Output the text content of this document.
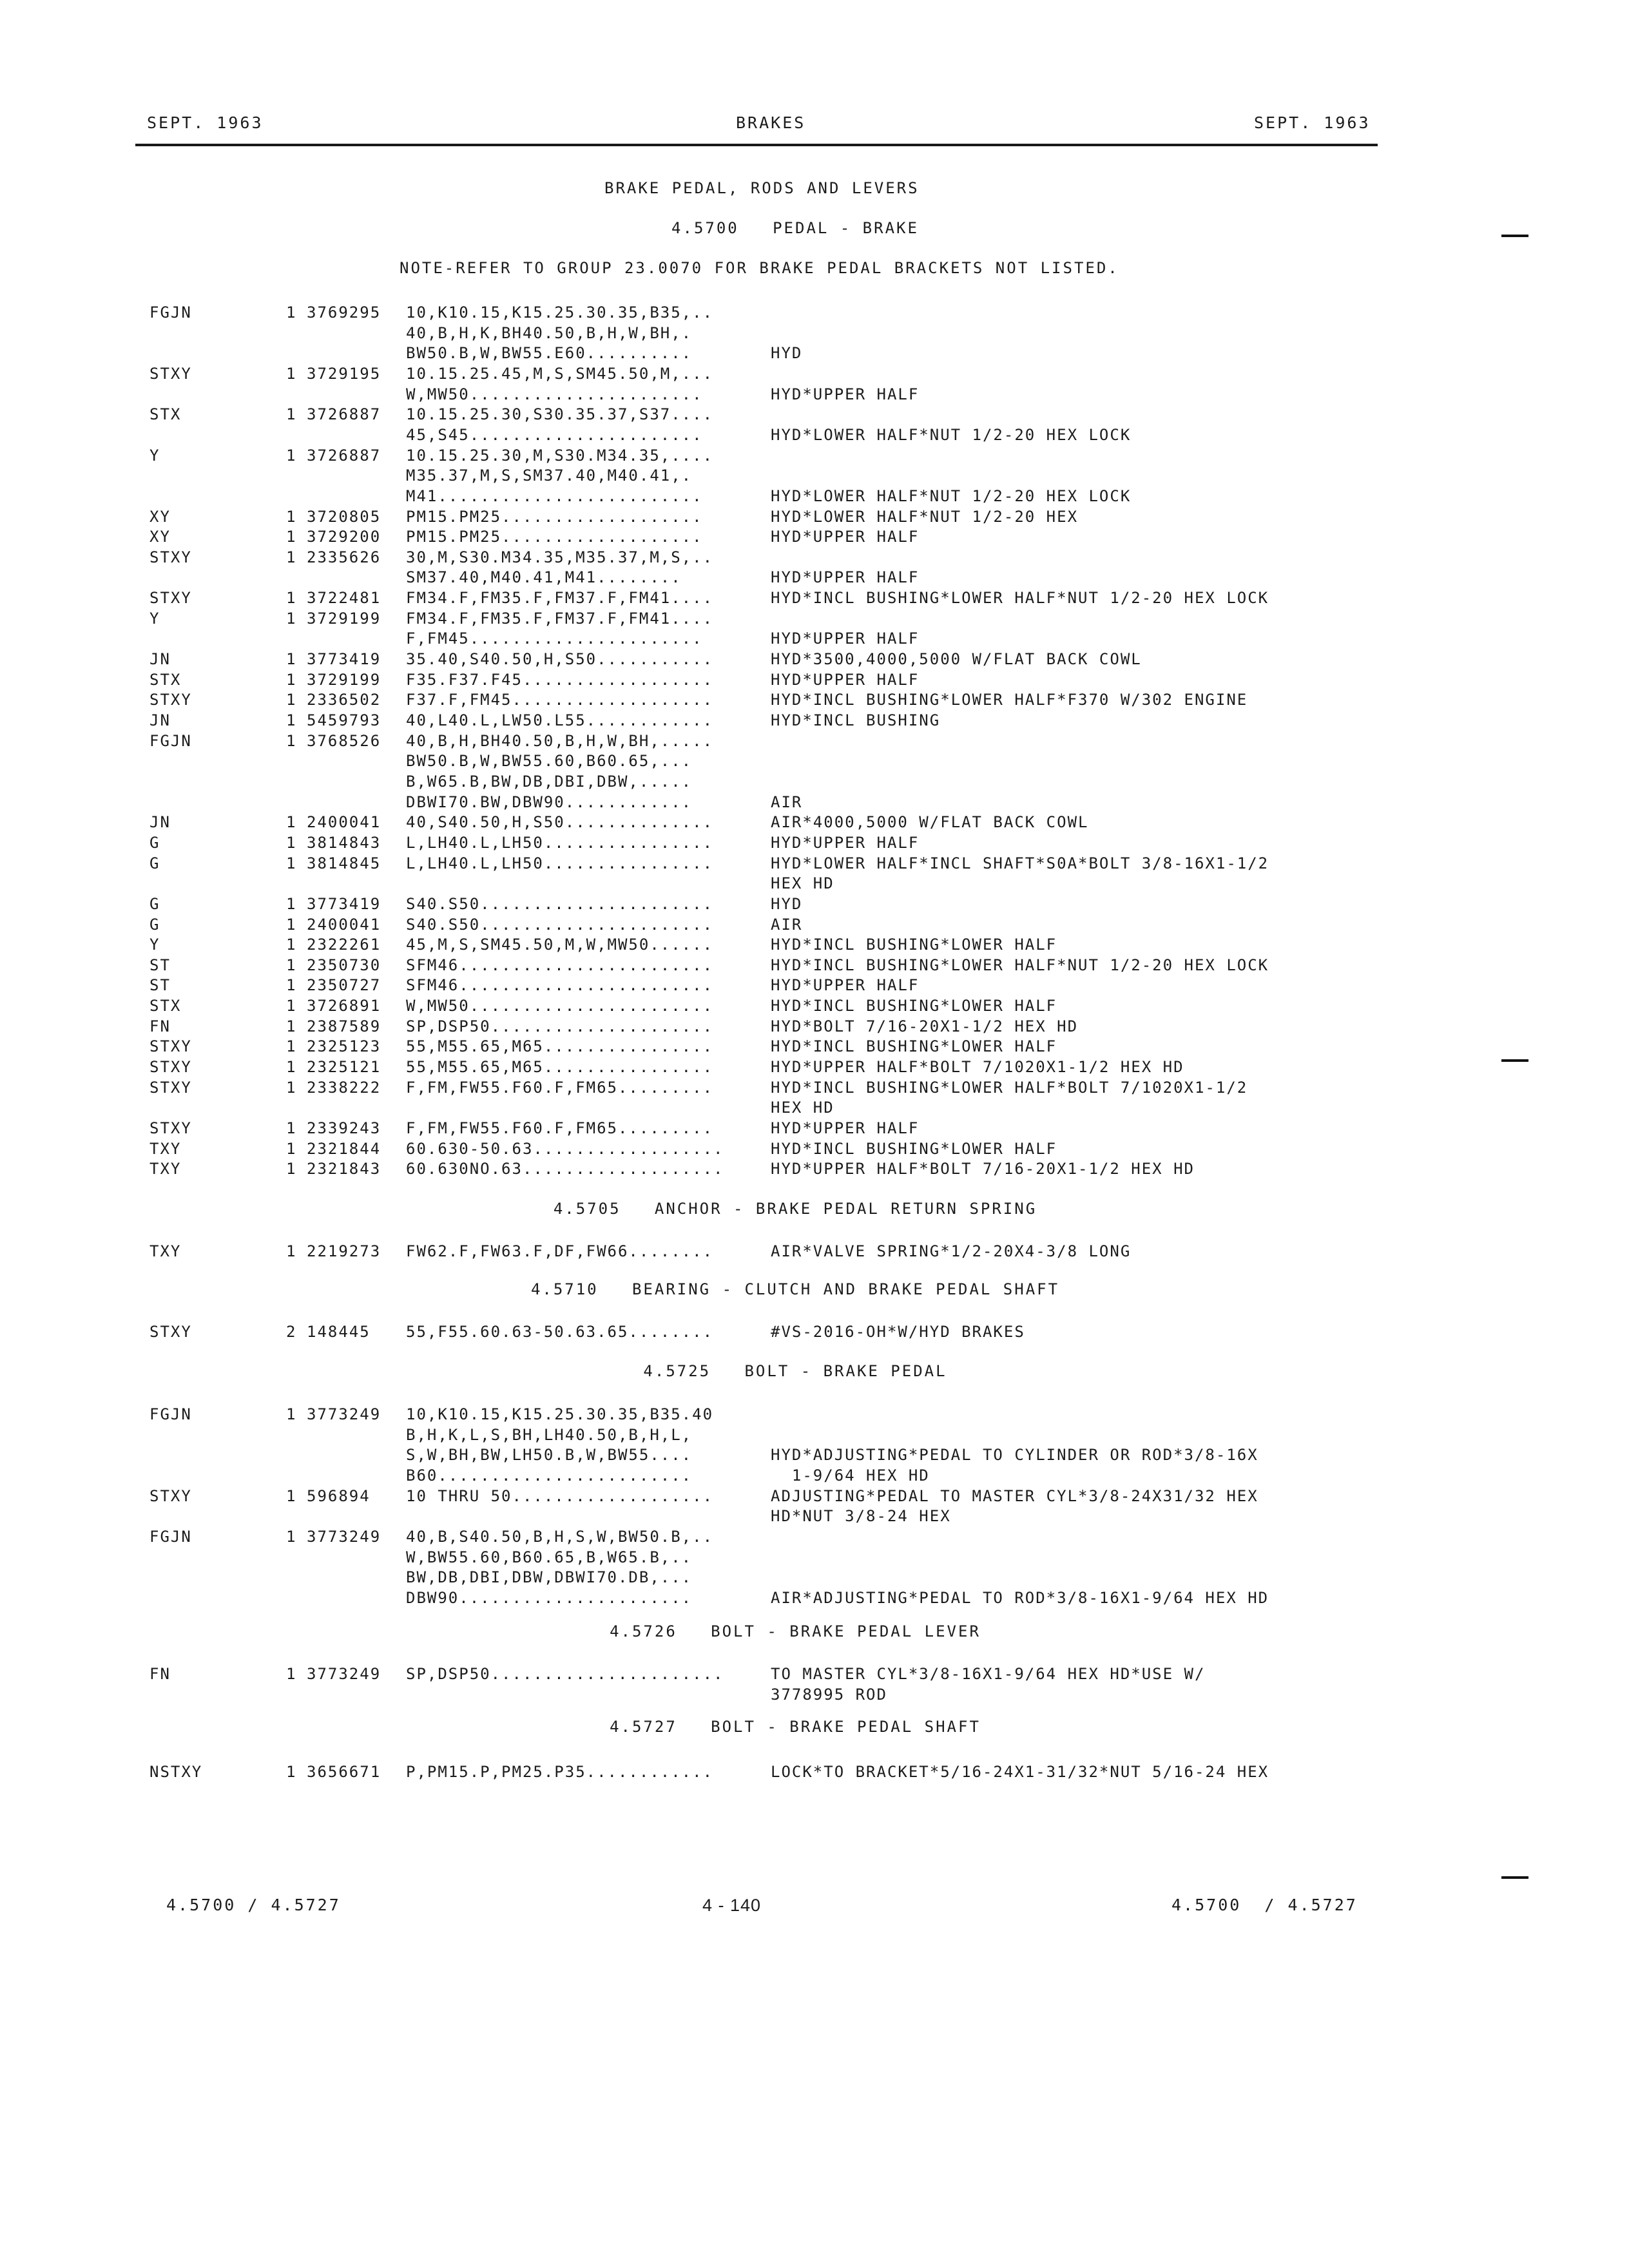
SEPT. 1963	BRAKES	SEPT. 1963
BRAKE PEDAL, RODS AND LEVERS
NOTE-REFER TO GROUP 23.0070 FOR BRAKE PEDAL BRACKETS NOT LISTED.
4.5700   PEDAL - BRAKE
FGJN	1 3769295 10,K10.15,K15.25.30.35,B35,..
40,B,H,K,BH40.50,B,H,W,BH,.
BW50.B,W,BW55.E60..........	HYD
STXY	1 3729195 10.15.25.45,M,S,SM45.50,M,...
W,MW50......................	HYD*UPPER HALF
STX	1 3726887 10.15.25.30,S30.35.37,S37....
45,S45......................	HYD*LOWER HALF*NUT 1/2-20 HEX LOCK
Y	1 3726887 10.15.25.30,M,S30.M34.35,....
M35.37,M,S,SM37.40,M40.41,.
M41.........................	HYD*LOWER HALF*NUT 1/2-20 HEX LOCK
XY	1 3720805 PM15.PM25...................	HYD*LOWER HALF*NUT 1/2-20 HEX
XY	1 3729200 PM15.PM25...................	HYD*UPPER HALF
STXY	1 2335626 30,M,S30.M34.35,M35.37,M,S,..
SM37.40,M40.41,M41........	HYD*UPPER HALF
STXY	1 3722481 FM34.F,FM35.F,FM37.F,FM41....	HYD*INCL BUSHING*LOWER HALF*NUT 1/2-20 HEX LOCK
Y	1 3729199 FM34.F,FM35.F,FM37.F,FM41....
F,FM45......................	HYD*UPPER HALF
JN	1 3773419 35.40,S40.50,H,S50...........	HYD*3500,4000,5000 W/FLAT BACK COWL
STX	1 3729199 F35.F37.F45..................	HYD*UPPER HALF
STXY	1 2336502 F37.F,FM45...................	HYD*INCL BUSHING*LOWER HALF*F370 W/302 ENGINE
JN	1 5459793 40,L40.L,LW50.L55............	HYD*INCL BUSHING
FGJN	1 3768526 40,B,H,BH40.50,B,H,W,BH,.....
BW50.B,W,BW55.60,B60.65,...
B,W65.B,BW,DB,DBI,DBW,.....
DBWI70.BW,DBW90............	AIR
JN	1 2400041 40,S40.50,H,S50..............	AIR*4000,5000 W/FLAT BACK COWL
G	1 3814843 L,LH40.L,LH50................	HYD*UPPER HALF
G	1 3814845 L,LH40.L,LH50................	HYD*LOWER HALF*INCL SHAFT*S0A*BOLT 3/8-16X1-1/2
HEX HD
G	1 3773419 S40.S50......................	HYD
G	1 2400041 S40.S50......................	AIR
Y	1 2322261 45,M,S,SM45.50,M,W,MW50......	HYD*INCL BUSHING*LOWER HALF
ST	1 2350730 SFM46........................	HYD*INCL BUSHING*LOWER HALF*NUT 1/2-20 HEX LOCK
ST	1 2350727 SFM46........................	HYD*UPPER HALF
STX	1 3726891 W,MW50.......................	HYD*INCL BUSHING*LOWER HALF
FN	1 2387589 SP,DSP50.....................	HYD*BOLT 7/16-20X1-1/2 HEX HD
STXY	1 2325123 55,M55.65,M65................	HYD*INCL BUSHING*LOWER HALF
STXY	1 2325121 55,M55.65,M65................	HYD*UPPER HALF*BOLT 7/1020X1-1/2 HEX HD
STXY	1 2338222 F,FM,FW55.F60.F,FM65.........	HYD*INCL BUSHING*LOWER HALF*BOLT 7/1020X1-1/2
HEX HD
STXY	1 2339243 F,FM,FW55.F60.F,FM65.........	HYD*UPPER HALF
TXY	1 2321844 60.630-50.63..................	HYD*INCL BUSHING*LOWER HALF
TXY	1 2321843 60.630NO.63...................	HYD*UPPER HALF*BOLT 7/16-20X1-1/2 HEX HD
4.5705   ANCHOR - BRAKE PEDAL RETURN SPRING
TXY	1 2219273 FW62.F,FW63.F,DF,FW66........	AIR*VALVE SPRING*1/2-20X4-3/8 LONG
4.5710   BEARING - CLUTCH AND BRAKE PEDAL SHAFT
STXY	2 148445 55,F55.60.63-50.63.65........	#VS-2016-OH*W/HYD BRAKES
4.5725   BOLT - BRAKE PEDAL
FGJN	1 3773249 10,K10.15,K15.25.30.35,B35.40
B,H,K,L,S,BH,LH40.50,B,H,L,
S,W,BH,BW,LH50.B,W,BW55....	HYD*ADJUSTING*PEDAL TO CYLINDER OR ROD*3/8-16X
B60........................	1-9/64 HEX HD
STXY	1 596894 10 THRU 50...................	ADJUSTING*PEDAL TO MASTER CYL*3/8-24X31/32 HEX
HD*NUT 3/8-24 HEX
FGJN	1 3773249 40,B,S40.50,B,H,S,W,BW50.B,..
W,BW55.60,B60.65,B,W65.B,..
BW,DB,DBI,DBW,DBWI70.DB,...
DBW90......................	AIR*ADJUSTING*PEDAL TO ROD*3/8-16X1-9/64 HEX HD
4.5726   BOLT - BRAKE PEDAL LEVER
FN	1 3773249 SP,DSP50......................	TO MASTER CYL*3/8-16X1-9/64 HEX HD*USE W/
3778995 ROD
4.5727   BOLT - BRAKE PEDAL SHAFT
NSTXY	1 3656671 P,PM15.P,PM25.P35............	LOCK*TO BRACKET*5/16-24X1-31/32*NUT 5/16-24 HEX
4.5700 / 4.5727	4 - 140	4.5700  / 4.5727
